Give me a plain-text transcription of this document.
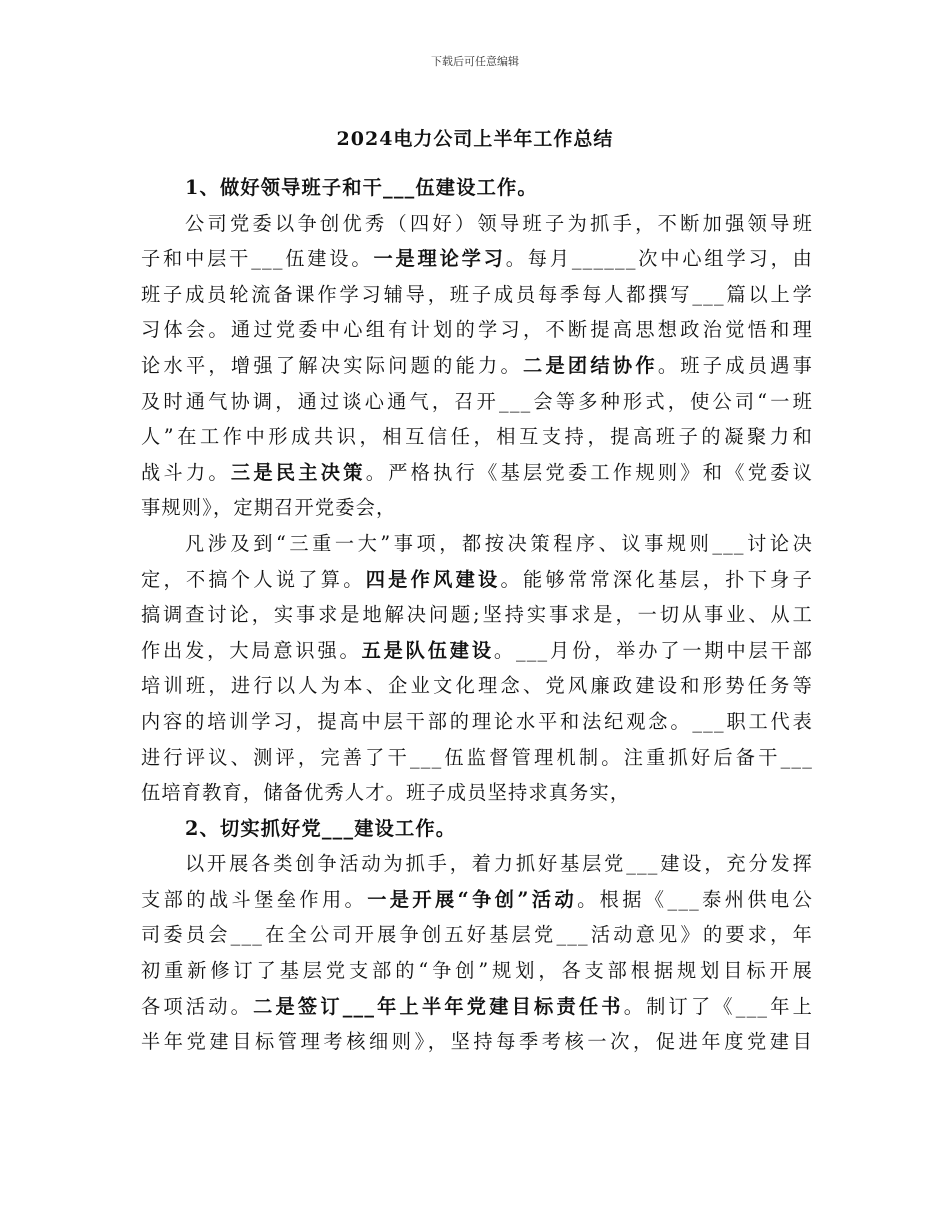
下载后可任意编辑
2024电力公司上半年工作总结
1、做好领导班子和干___伍建设工作。
公司党委以争创优秀（四好）领导班子为抓手，不断加强领导班
子和中层干___伍建设。一是理论学习。每月______次中心组学习，由
班子成员轮流备课作学习辅导，班子成员每季每人都撰写___篇以上学
习体会。通过党委中心组有计划的学习，不断提高思想政治觉悟和理
论水平，增强了解决实际问题的能力。二是团结协作。班子成员遇事
及时通气协调，通过谈心通气，召开___会等多种形式，使公司“一班
人”在工作中形成共识，相互信任，相互支持，提高班子的凝聚力和
战斗力。三是民主决策。严格执行《基层党委工作规则》和《党委议
事规则》，定期召开党委会，
凡涉及到“三重一大”事项，都按决策程序、议事规则___讨论决
定，不搞个人说了算。四是作风建设。能够常常深化基层，扑下身子
搞调查讨论，实事求是地解决问题;坚持实事求是，一切从事业、从工
作出发，大局意识强。五是队伍建设。___月份，举办了一期中层干部
培训班，进行以人为本、企业文化理念、党风廉政建设和形势任务等
内容的培训学习，提高中层干部的理论水平和法纪观念。___职工代表
进行评议、测评，完善了干___伍监督管理机制。注重抓好后备干___
伍培育教育，储备优秀人才。班子成员坚持求真务实，
2、切实抓好党___建设工作。
以开展各类创争活动为抓手，着力抓好基层党___建设，充分发挥
支部的战斗堡垒作用。一是开展“争创”活动。根据《___泰州供电公
司委员会___在全公司开展争创五好基层党___活动意见》的要求，年
初重新修订了基层党支部的“争创”规划，各支部根据规划目标开展
各项活动。二是签订___年上半年党建目标责任书。制订了《___年上
半年党建目标管理考核细则》，坚持每季考核一次，促进年度党建目
